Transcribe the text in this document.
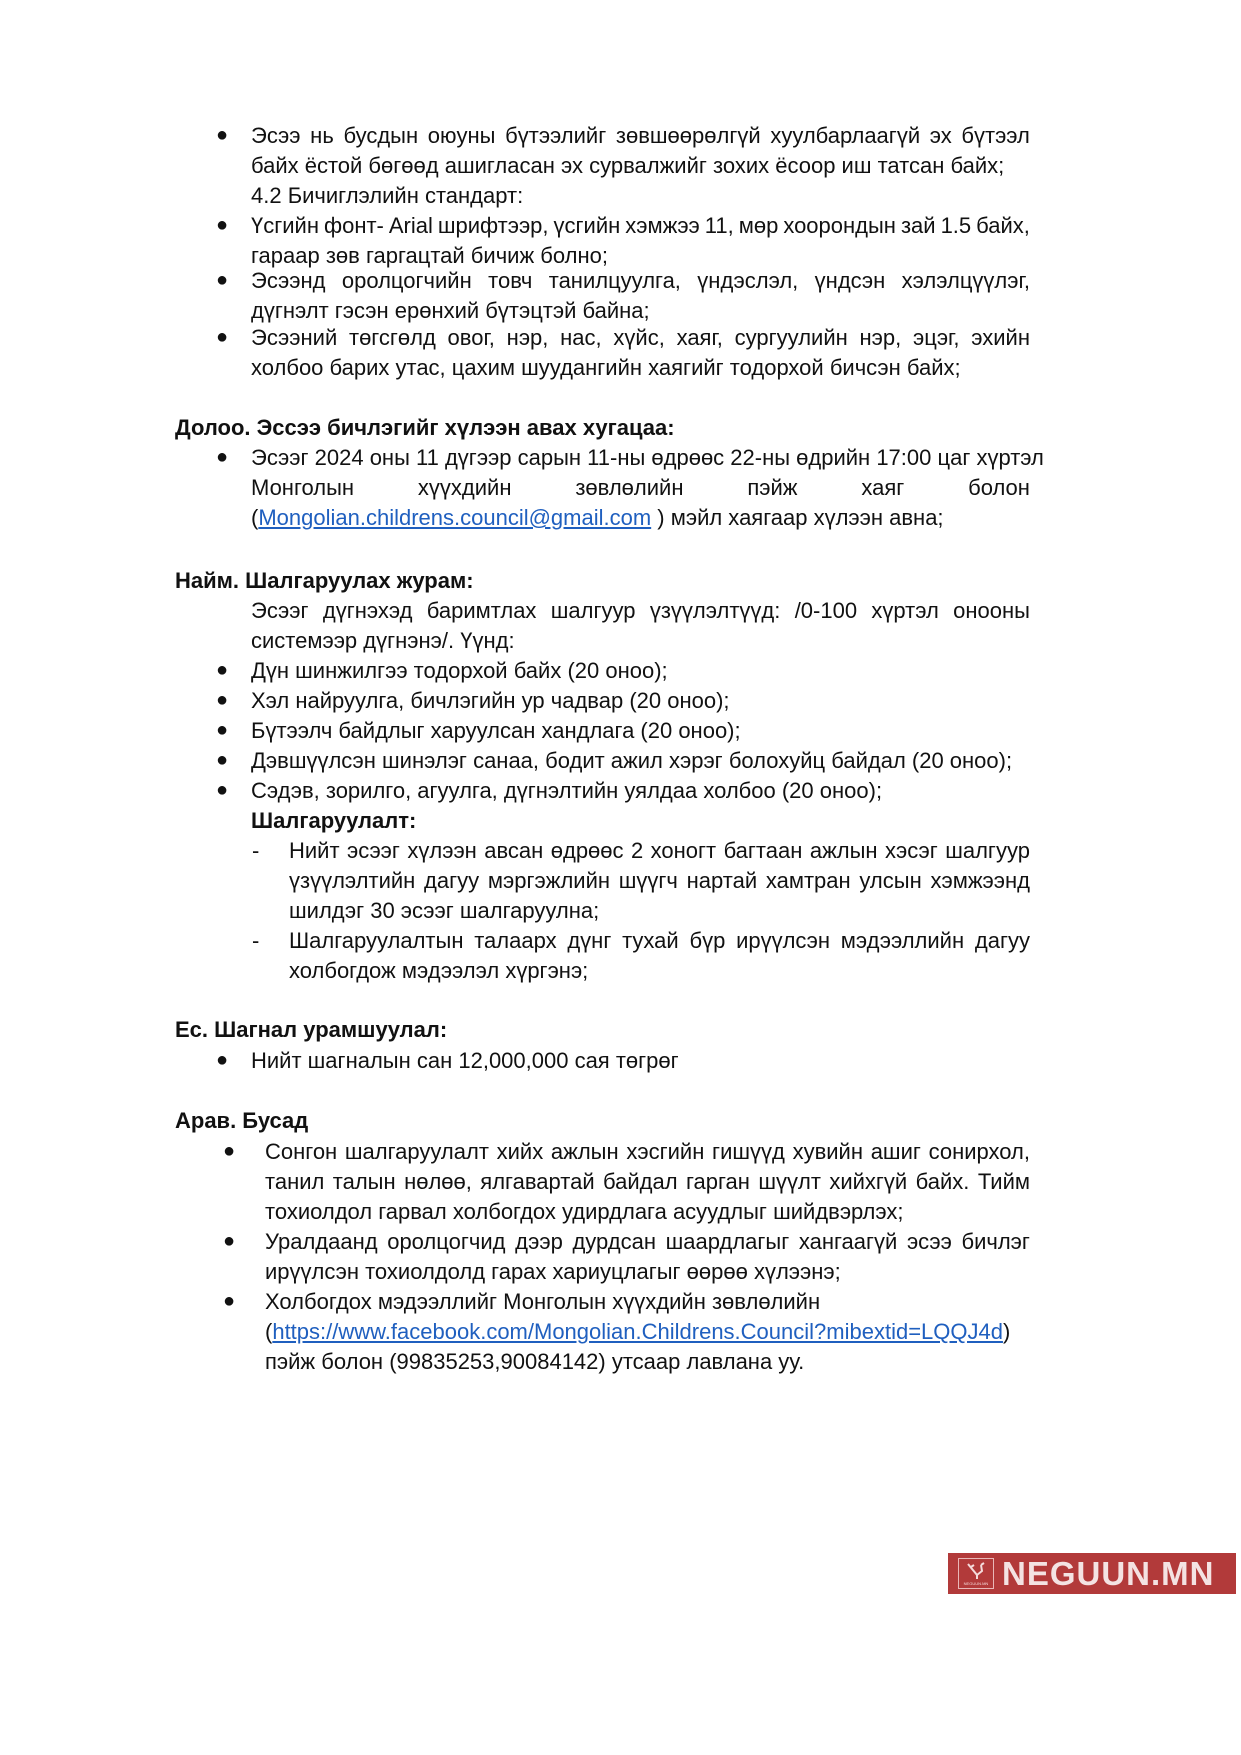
● Эсээ нь бусдын оюуны бүтээлийг зөвшөөрөлгүй хуулбарлаагүй эх бүтээл
байх ёстой бөгөөд ашигласан эх сурвалжийг зохих ёсоор иш татсан байх;
4.2 Бичиглэлийн стандарт:
● Үсгийн фонт- Arial шрифтээр, үсгийн хэмжээ 11, мөр хоорондын зай 1.5 байх,
гараар зөв гаргацтай бичиж болно;
● Эсээнд оролцогчийн товч танилцуулга, үндэслэл, үндсэн хэлэлцүүлэг,
дүгнэлт гэсэн ерөнхий бүтэцтэй байна;
● Эсээний төгсгөлд овог, нэр, нас, хүйс, хаяг, сургуулийн нэр, эцэг, эхийн
холбоо барих утас, цахим шуудангийн хаягийг тодорхой бичсэн байх;
Долоо. Эссээ бичлэгийг хүлээн авах хугацаа:
● Эсээг 2024 оны 11 дүгээр сарын 11-ны өдрөөс 22-ны өдрийн 17:00 цаг хүртэл
Монголын	хүүхдийн	зөвлөлийн	пэйж	хаяг	болон
(Mongolian.childrens.council@gmail.com ) мэйл хаягаар хүлээн авна;
Найм. Шалгаруулах журам:
Эсээг дүгнэхэд баримтлах шалгуур үзүүлэлтүүд: /0-100 хүртэл онооны
системээр дүгнэнэ/. Үүнд:
● Дүн шинжилгээ тодорхой байх (20 оноо);
● Хэл найруулга, бичлэгийн ур чадвар (20 оноо);
● Бүтээлч байдлыг харуулсан хандлага (20 оноо);
● Дэвшүүлсэн шинэлэг санаа, бодит ажил хэрэг болохуйц байдал (20 оноо);
● Сэдэв, зорилго, агуулга, дүгнэлтийн уялдаа холбоо (20 оноо);
Шалгаруулалт:
- Нийт эсээг хүлээн авсан өдрөөс 2 хоногт багтаан ажлын хэсэг шалгуур
үзүүлэлтийн дагуу мэргэжлийн шүүгч нартай хамтран улсын хэмжээнд
шилдэг 30 эсээг шалгаруулна;
- Шалгаруулалтын талаарх дүнг тухай бүр ирүүлсэн мэдээллийн дагуу
холбогдож мэдээлэл хүргэнэ;
Ес. Шагнал урамшуулал:
● Нийт шагналын сан 12,000,000 сая төгрөг
Арав. Бусад
● Сонгон шалгаруулалт хийх ажлын хэсгийн гишүүд хувийн ашиг сонирхол,
танил талын нөлөө, ялгавартай байдал гарган шүүлт хийхгүй байх. Тийм
тохиолдол гарвал холбогдох удирдлага асуудлыг шийдвэрлэх;
● Уралдаанд оролцогчид дээр дурдсан шаардлагыг хангаагүй эсээ бичлэг
ирүүлсэн тохиолдолд гарах хариуцлагыг өөрөө хүлээнэ;
● Холбогдох мэдээллийг Монголын хүүхдийн зөвлөлийн
(https://www.facebook.com/Mongolian.Childrens.Council?mibextid=LQQJ4d)
пэйж болон (99835253,90084142) утсаар лавлана уу.
NEGUUN.MN NEGUUN.MN
